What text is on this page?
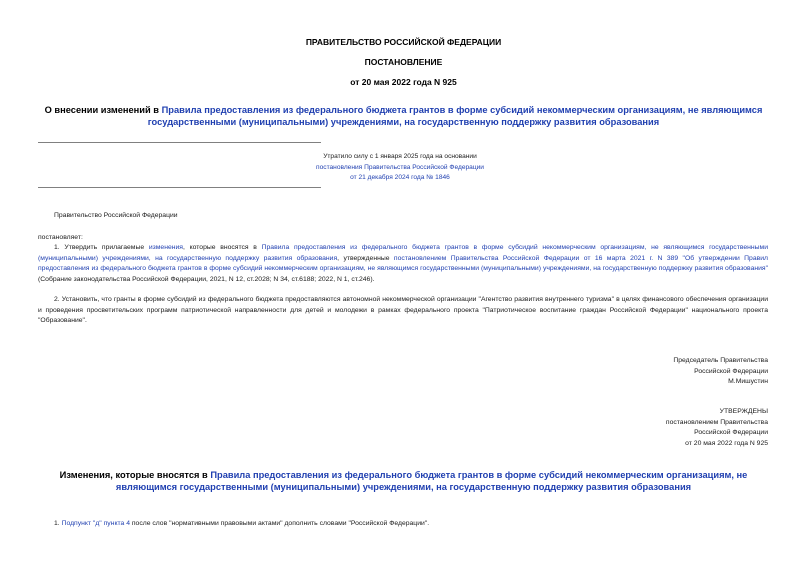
ПРАВИТЕЛЬСТВО РОССИЙСКОЙ ФЕДЕРАЦИИ
ПОСТАНОВЛЕНИЕ
от 20 мая 2022 года N 925
О внесении изменений в Правила предоставления из федерального бюджета грантов в форме субсидий некоммерческим организациям, не являющимся государственными (муниципальными) учреждениями, на государственную поддержку развития образования
Утратило силу с 1 января 2025 года на основании
постановления Правительства Российской Федерации
от 21 декабря 2024 года № 1846
Правительство Российской Федерации
постановляет:
1. Утвердить прилагаемые изменения, которые вносятся в Правила предоставления из федерального бюджета грантов в форме субсидий некоммерческим организациям, не являющимся государственными (муниципальными) учреждениями, на государственную поддержку развития образования, утвержденные постановлением Правительства Российской Федерации от 16 марта 2021 г. N 389 "Об утверждении Правил предоставления из федерального бюджета грантов в форме субсидий некоммерческим организациям, не являющимся государственными (муниципальными) учреждениями, на государственную поддержку развития образования" (Собрание законодательства Российской Федерации, 2021, N 12, ст.2028; N 34, ст.6188; 2022, N 1, ст.246).
2. Установить, что гранты в форме субсидий из федерального бюджета предоставляются автономной некоммерческой организации "Агентство развития внутреннего туризма" в целях финансового обеспечения организации и проведения просветительских программ патриотической направленности для детей и молодежи в рамках федерального проекта "Патриотическое воспитание граждан Российской Федерации" национального проекта "Образование".
Председатель Правительства
Российской Федерации
М.Мишустин
УТВЕРЖДЕНЫ
постановлением Правительства
Российской Федерации
от 20 мая 2022 года N 925
Изменения, которые вносятся в Правила предоставления из федерального бюджета грантов в форме субсидий некоммерческим организациям, не являющимся государственными (муниципальными) учреждениями, на государственную поддержку развития образования
1. Подпункт "д" пункта 4 после слов "нормативными правовыми актами" дополнить словами "Российской Федерации".
